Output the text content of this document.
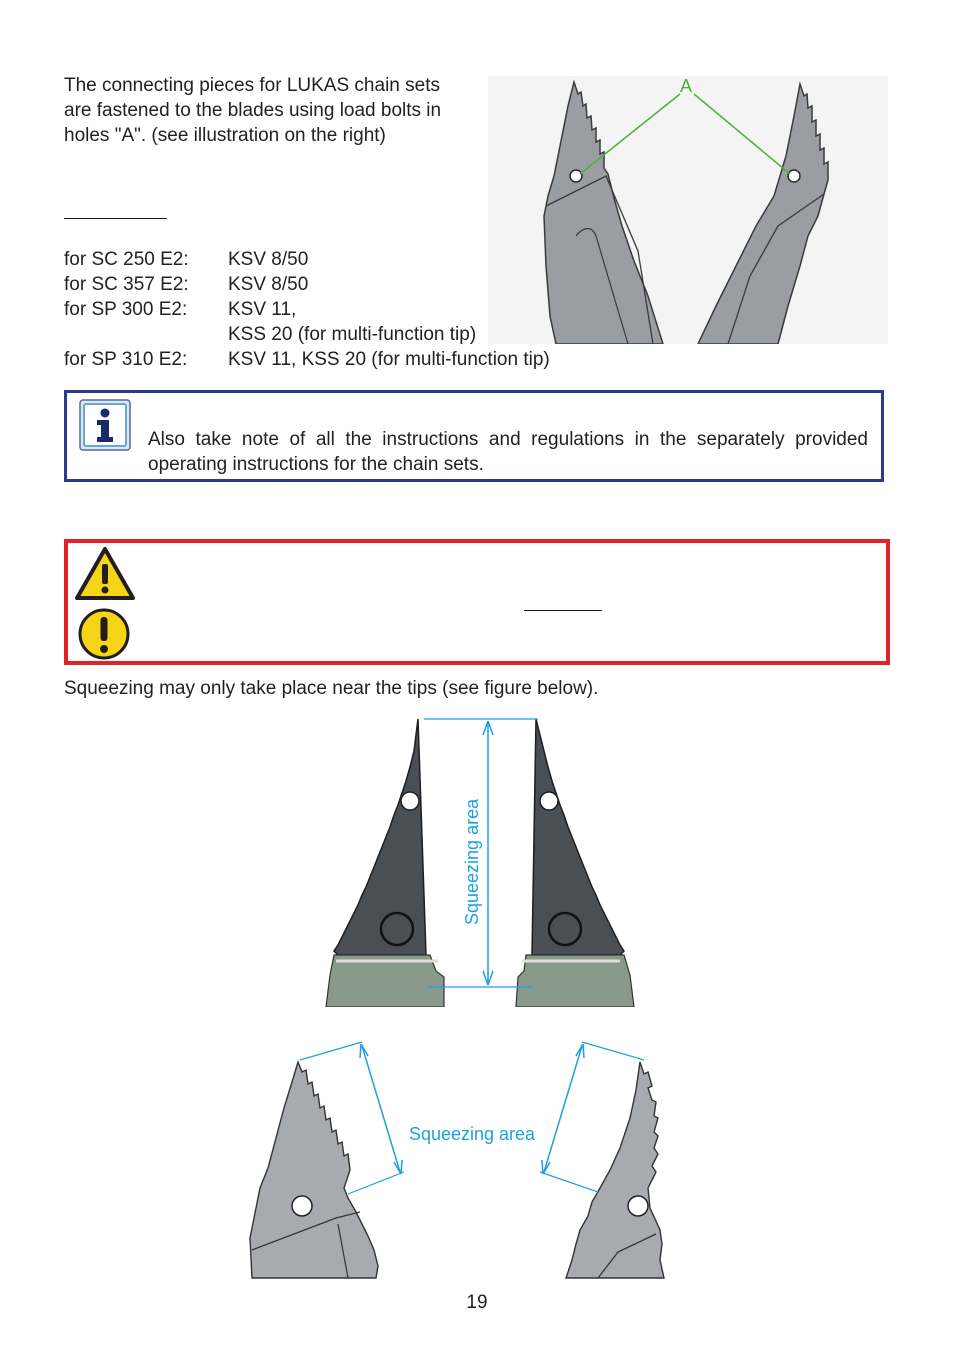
The connecting pieces for LUKAS chain sets are fastened to the blades using load bolts in holes "A". (see illustration on the right)
for SC 250 E2: KSV 8/50
for SC 357 E2: KSV 8/50
for SP 300 E2: KSV 11,
KSS 20 (for multi-function tip)
for SP 310 E2: KSV 11, KSS 20 (for multi-function tip)
A
Also take note of all the instructions and regulations in the separately provided operating instructions for the chain sets.
Squeezing may only take place near the tips (see figure below).
Squeezing area
Squeezing area
19
